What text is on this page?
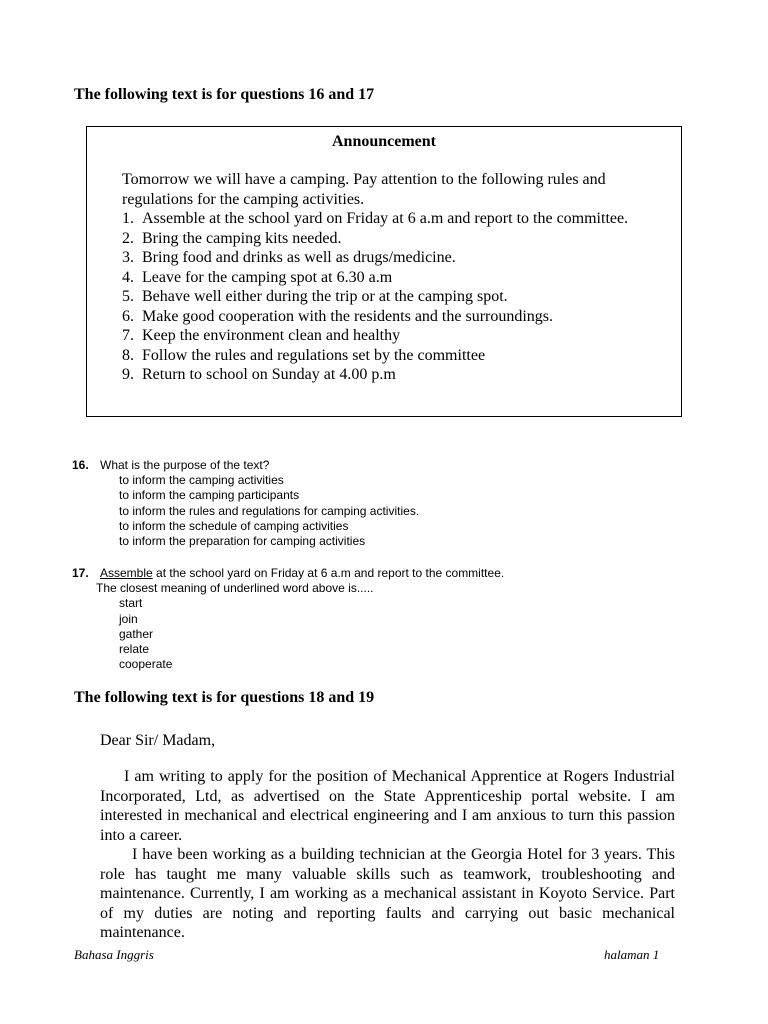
The following text is for questions 16 and 17
Announcement
Tomorrow we will have a camping. Pay attention to the following rules and regulations for the camping activities.
1. Assemble at the school yard on Friday at 6 a.m and report to the committee.
2. Bring the camping kits needed.
3. Bring food and drinks as well as drugs/medicine.
4. Leave for the camping spot at 6.30 a.m
5. Behave well either during the trip or at the camping spot.
6. Make good cooperation with the residents and the surroundings.
7. Keep the environment clean and healthy
8. Follow the rules and regulations set by the committee
9. Return to school on Sunday at 4.00 p.m
16. What is the purpose of the text?
to inform the camping activities
to inform the camping participants
to inform the rules and regulations for camping activities.
to inform the schedule of camping activities
to inform the preparation for camping activities
17. Assemble at the school yard on Friday at 6 a.m and report to the committee.
The closest meaning of underlined word above is.....
start
join
gather
relate
cooperate
The following text is for questions 18 and 19
Dear Sir/ Madam,

I am writing to apply for the position of Mechanical Apprentice at Rogers Industrial Incorporated, Ltd, as advertised on the State Apprenticeship portal website. I am interested in mechanical and electrical engineering and I am anxious to turn this passion into a career.

I have been working as a building technician at the Georgia Hotel for 3 years. This role has taught me many valuable skills such as teamwork, troubleshooting and maintenance. Currently, I am working as a mechanical assistant in Koyoto Service. Part of my duties are noting and reporting faults and carrying out basic mechanical maintenance.

Bahasa Inggris	halaman 1
